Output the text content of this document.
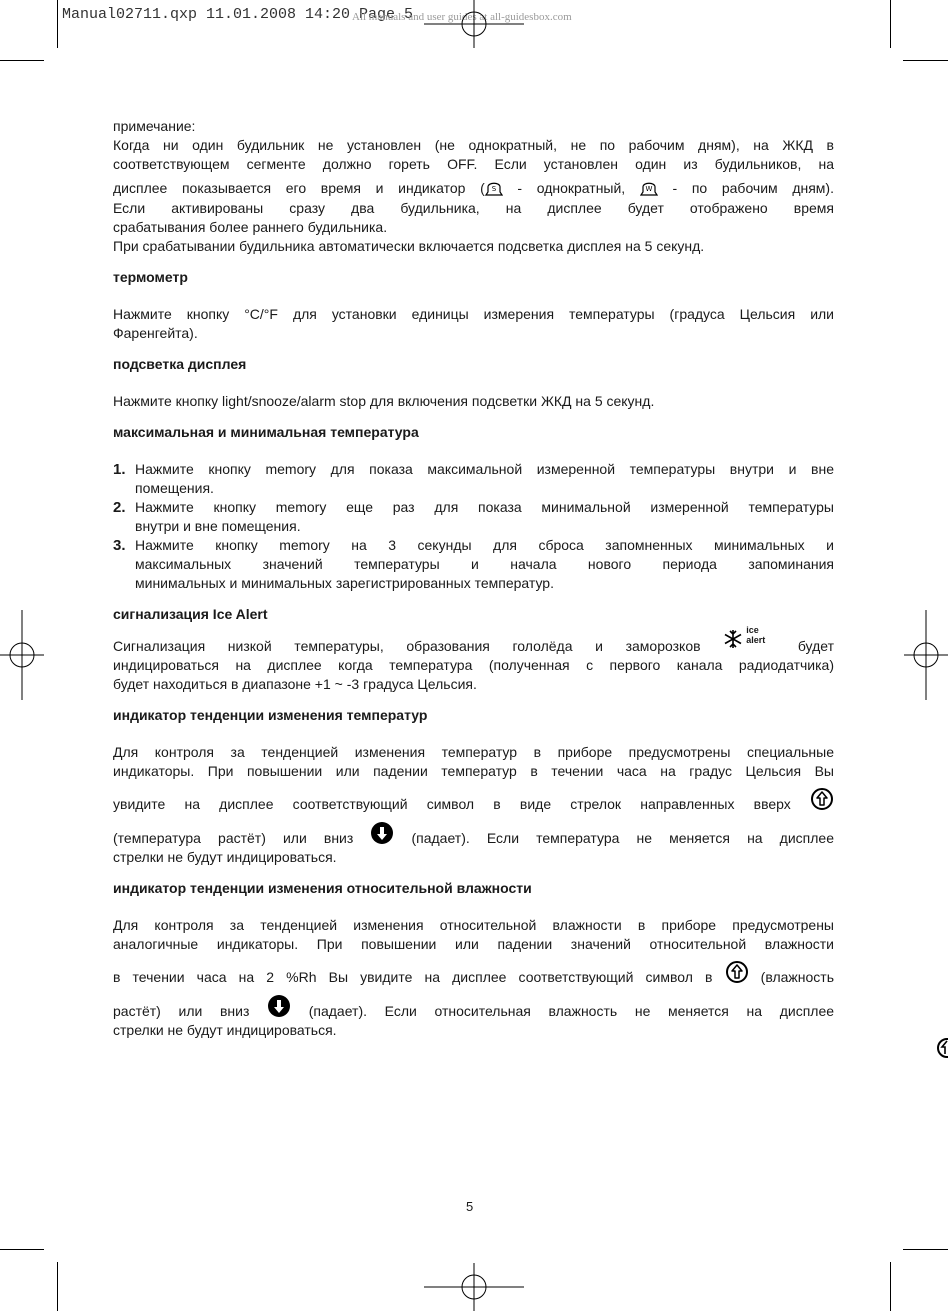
Manual02711.qxp 11.01.2008 14:20 Page 5
All manuals and user guides at all-guidesbox.com

примечание:

Когда ни один будильник не установлен (не однократный, не по рабочим дням), на ЖКД в
соответствующем сегменте должно гореть OFF. Если установлен один из будильников, на
дисплее показывается его время и индикатор ( S - однократный, W - по рабочим дням).
Если активированы сразу два будильника, на дисплее будет отображено время
срабатывания более раннего будильника.
При срабатывании будильника автоматически включается подсветка дисплея на 5 секунд.
термометр
Нажмите кнопку °C/°F для установки единицы измерения температуры (градуса Цельсия или
Фаренгейта).
подсветка дисплея
Нажмите кнопку light/snooze/alarm stop для включения подсветки ЖКД на 5 секунд.
максимальная и минимальная температура
1. Нажмите кнопку memory для показа максимальной измеренной температуры внутри и вне
помещения.
2. Нажмите кнопку memory еще раз для показа минимальной измеренной температуры
внутри и вне помещения.
3. Нажмите кнопку memory на 3 секунды для сброса запомненных минимальных и
максимальных значений температуры и начала нового периода запоминания
минимальных и минимальных зарегистрированных температур.
сигнализация Ice Alert
Сигнализация низкой температуры, образования гололёда и заморозков
ice
alert будет
индицироваться на дисплее когда температура (полученная с первого канала радиодатчика)
будет находиться в диапазоне +1 ~ -3 градуса Цельсия.
индикатор тенденции изменения температур
Для контроля за тенденцией изменения температур в приборе предусмотрены специальные
индикаторы. При повышении или падении температур в течении часа на градус Цельсия Вы
увидите на дисплее соответствующий символ в виде стрелок направленных вверх
(температура растёт) или вниз	(падает). Если температура не меняется на дисплее
стрелки не будут индицироваться.
индикатор тенденции изменения относительной влажности
Для контроля за тенденцией изменения относительной влажности в приборе предусмотрены
аналогичные индикаторы. При повышении или падении значений относительной влажности
в течении часа на 2 %Rh Вы увидите на дисплее соответствующий символ в	(влажность
растёт) или вниз	(падает). Если относительная влажность не меняется на дисплее
стрелки не будут индицироваться.
5
